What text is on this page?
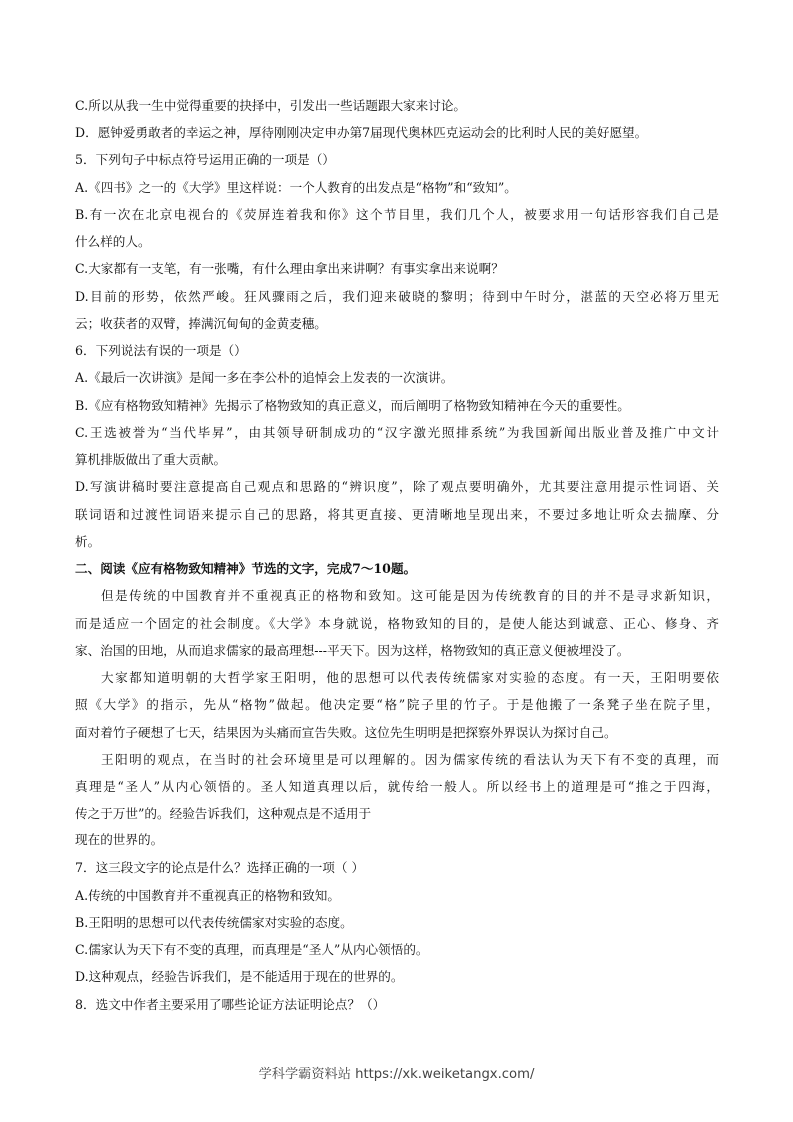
C.所以从我一生中觉得重要的抉择中，引发出一些话题跟大家来讨论。
D．愿钟爱勇敢者的幸运之神，厚待刚刚决定申办第7届现代奥林匹克运动会的比利时人民的美好愿望。
5．下列句子中标点符号运用正确的一项是（）
A.《四书》之一的《大学》里这样说：一个人教育的出发点是“格物”和“致知”。
B.有一次在北京电视台的《荧屏连着我和你》这个节目里，我们几个人，被要求用一句话形容我们自己是
什么样的人。
C.大家都有一支笔，有一张嘴，有什么理由拿出来讲啊？有事实拿出来说啊？
D.目前的形势，依然严峻。狂风骤雨之后，我们迎来破晓的黎明；待到中午时分，湛蓝的天空必将万里无
云；收获者的双臂，捧满沉甸甸的金黄麦穗。
6．下列说法有误的一项是（）
A.《最后一次讲演》是闻一多在李公朴的追悼会上发表的一次演讲。
B.《应有格物致知精神》先揭示了格物致知的真正意义，而后阐明了格物致知精神在今天的重要性。
C.王选被誉为“当代毕昇”，由其领导研制成功的“汉字激光照排系统”为我国新闻出版业普及推广中文计
算机排版做出了重大贡献。
D.写演讲稿时要注意提高自己观点和思路的“辨识度”，除了观点要明确外，尤其要注意用提示性词语、关
联词语和过渡性词语来提示自己的思路，将其更直接、更清晰地呈现出来，不要过多地让听众去揣摩、分
析。
二、阅读《应有格物致知精神》节选的文字，完成7～10题。
但是传统的中国教育并不重视真正的格物和致知。这可能是因为传统教育的目的并不是寻求新知识，
而是适应一个固定的社会制度。《大学》本身就说，格物致知的目的，是使人能达到诚意、正心、修身、齐
家、治国的田地，从而追求儒家的最高理想---平天下。因为这样，格物致知的真正意义便被埋没了。
大家都知道明朝的大哲学家王阳明，他的思想可以代表传统儒家对实验的态度。有一天，王阳明要依
照《大学》的指示，先从“格物”做起。他决定要“格”院子里的竹子。于是他搬了一条凳子坐在院子里，
面对着竹子硬想了七天，结果因为头痛而宣告失败。这位先生明明是把探察外界误认为探讨自己。
王阳明的观点，在当时的社会环境里是可以理解的。因为儒家传统的看法认为天下有不变的真理，而
真理是“圣人”从内心领悟的。圣人知道真理以后，就传给一般人。所以经书上的道理是可“推之于四海，
传之于万世”的。经验告诉我们，这种观点是不适用于
现在的世界的。
7．这三段文字的论点是什么？选择正确的一项（ ）
A.传统的中国教育并不重视真正的格物和致知。
B.王阳明的思想可以代表传统儒家对实验的态度。
C.儒家认为天下有不变的真理，而真理是“圣人”从内心领悟的。
D.这种观点，经验告诉我们，是不能适用于现在的世界的。
8．选文中作者主要采用了哪些论证方法证明论点？（）
学科学霸资料站 https://xk.weiketangx.com/
